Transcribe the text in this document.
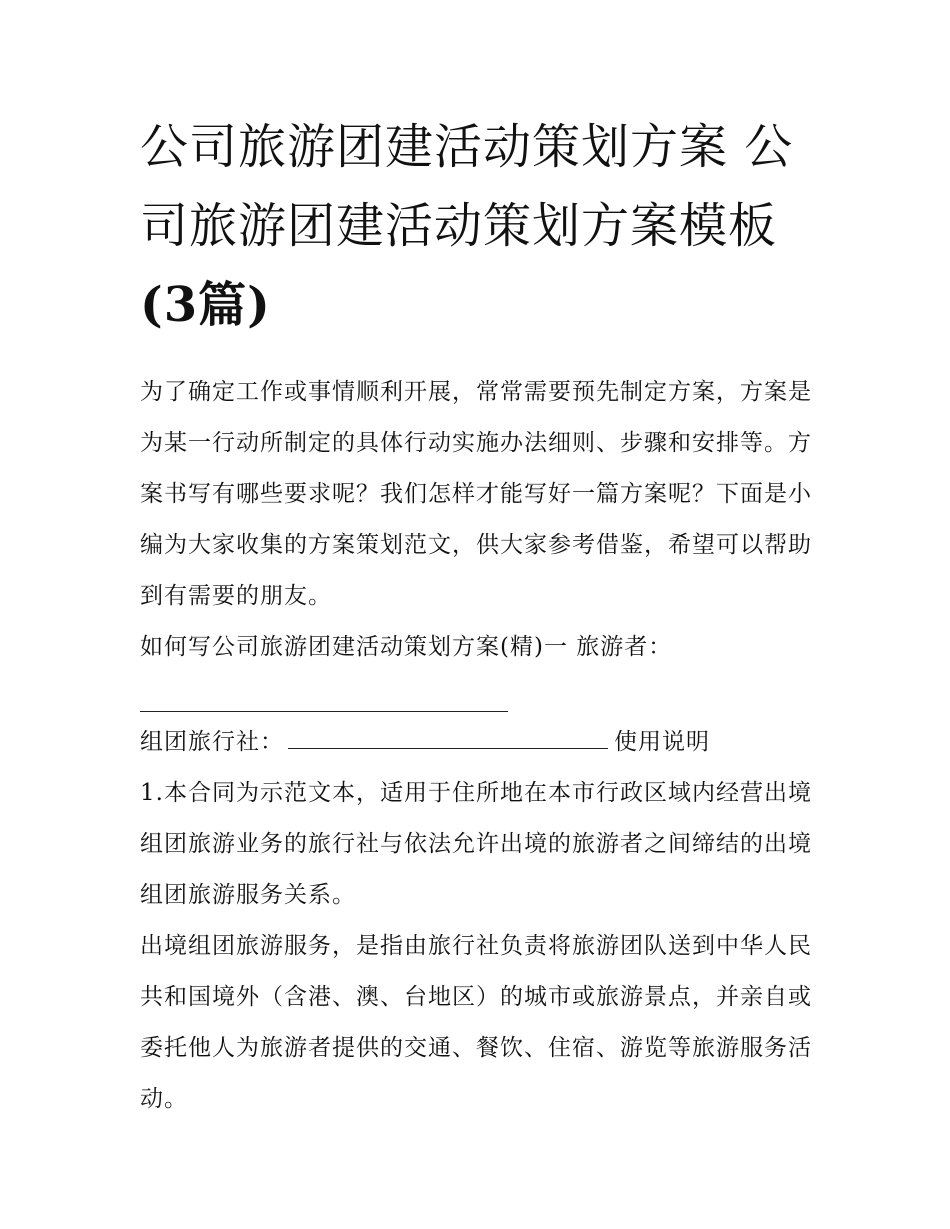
公司旅游团建活动策划方案 公司旅游团建活动策划方案模板
(3篇)

为了确定工作或事情顺利开展，常常需要预先制定方案，方案是为某一行动所制定的具体行动实施办法细则、步骤和安排等。方案书写有哪些要求呢？我们怎样才能写好一篇方案呢？下面是小编为大家收集的方案策划范文，供大家参考借鉴，希望可以帮助到有需要的朋友。

如何写公司旅游团建活动策划方案(精)一 旅游者：

组团旅行社：	使用说明

1.本合同为示范文本，适用于住所地在本市行政区域内经营出境组团旅游业务的旅行社与依法允许出境的旅游者之间缔结的出境组团旅游服务关系。

出境组团旅游服务，是指由旅行社负责将旅游团队送到中华人民共和国境外（含港、澳、台地区）的城市或旅游景点，并亲自或委托他人为旅游者提供的交通、餐饮、住宿、游览等旅游服务活动。
